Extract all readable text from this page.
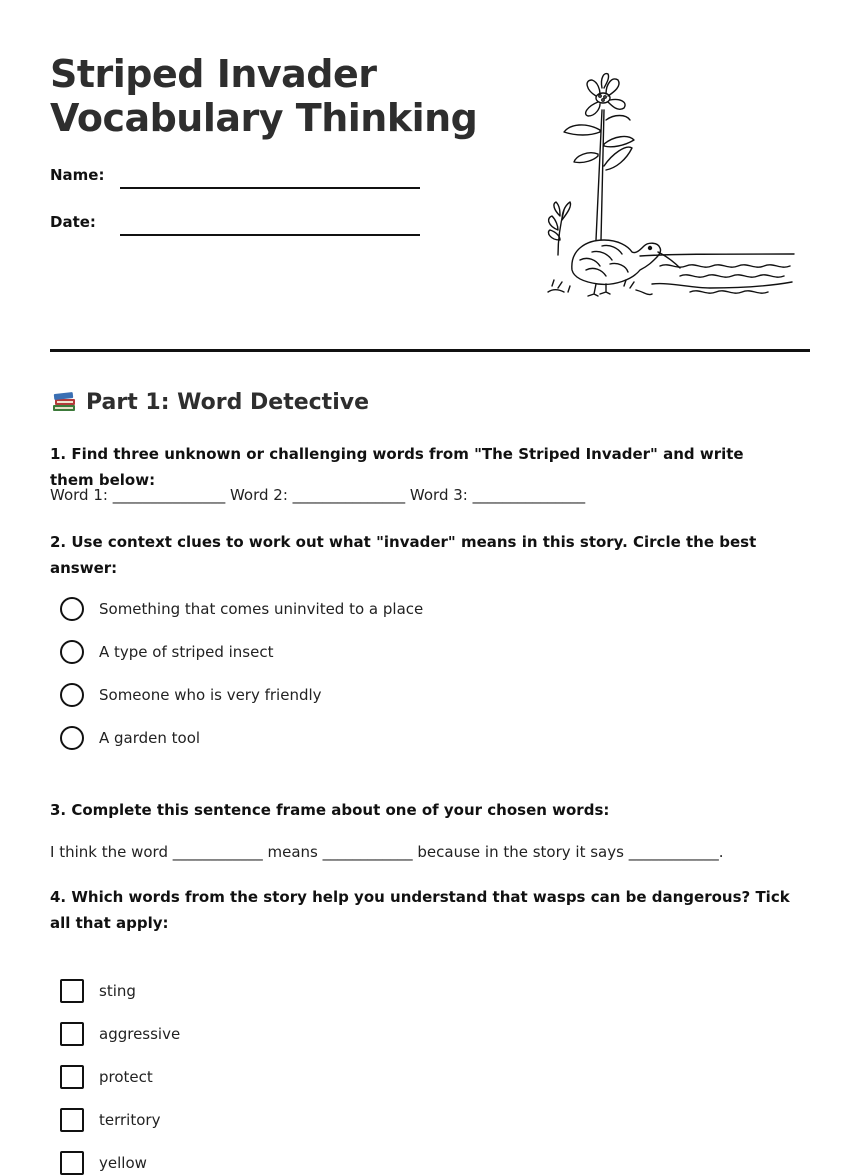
Striped Invader
Vocabulary Thinking
Name:
Date:
Part 1: Word Detective

1. Find three unknown or challenging words from "The Striped Invader" and write them below:

Word 1: _______________ Word 2: _______________ Word 3: _______________

2. Use context clues to work out what "invader" means in this story. Circle the best answer:

Something that comes uninvited to a place
A type of striped insect
Someone who is very friendly
A garden tool

3. Complete this sentence frame about one of your chosen words:

I think the word ____________ means ____________ because in the story it says ____________.

4. Which words from the story help you understand that wasps can be dangerous? Tick all that apply:

sting
aggressive
protect
territory
yellow
